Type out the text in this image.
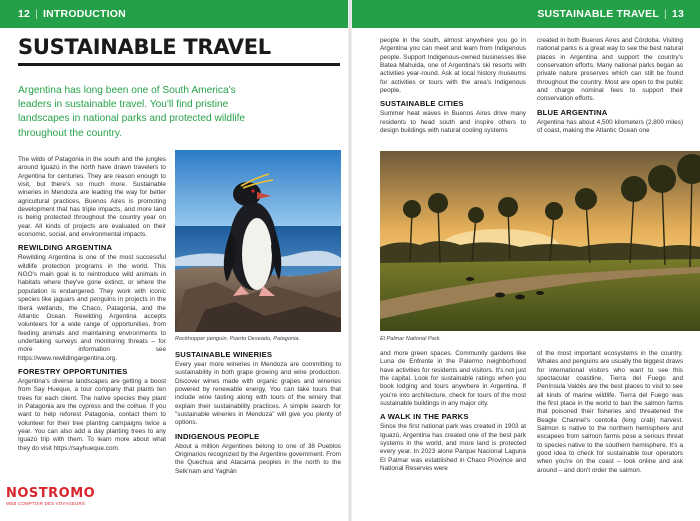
12 | INTRODUCTION	SUSTAINABLE TRAVEL | 13
SUSTAINABLE TRAVEL
Argentina has long been one of South America's leaders in sustainable travel. You'll find pristine landscapes in national parks and protected wildlife throughout the country.

The wilds of Patagonia in the south and the jungles around Iguazú in the north have drawn travelers to Argentina for centuries. They are reason enough to visit, but there's so much more. Sustainable wineries in Mendoza are leading the way for better agricultural practices, Buenos Aires is promoting development that has triple impacts, and more land is being protected throughout the country year on year. All kinds of projects are evaluated on their economic, social, and environmental impacts.

REWILDING ARGENTINA

Rewilding Argentina is one of the most successful wildlife protection programs in the world. This NGO's main goal is to reintroduce wild animals in habitats where they've gone extinct, or where the population is endangered. They work with iconic species like jaguars and penguins in projects in the Iberá wetlands, the Chaco, Patagonia, and the Atlantic Ocean. Rewilding Argentina accepts volunteers for a wide range of opportunities, from feeding animals and maintaining environments to undertaking surveys and monitoring threats – for more information see https://www.rewildingargentina.org.

FORESTRY OPPORTUNITIES

Argentina's diverse landscapes are getting a boost from Say Hueque, a tour company that plants ten trees for each client. The native species they plant in Patagonia are the cypress and the coihue. If you want to help reforest Patagonia, contact them to volunteer for their tree planting campaigns twice a year. You can also add a day planting trees to any Iguazú trip with them. To learn more about what they do visit https://sayhueque.com.

Rockhopper penguin, Puerto Deseado, Patagonia.
SUSTAINABLE WINERIES

Every year more wineries in Mendoza are committing to sustainability in both grape growing and wine production. Discover wines made with organic grapes and wineries powered by renewable energy. You can take tours that include wine tasting along with tours of the winery that explain their sustainability practices. A simple search for "sustainable wineries in Mendoza" will give you plenty of options.

INDIGENOUS PEOPLE

About a million Argentines belong to one of 38 Pueblos Originarios recognized by the Argentine government. From the Quechua and Atacama peoples in the north to the Selk'nam and Yaghán

people in the south, almost anywhere you go in Argentina you can meet and learn from Indigenous people. Support Indigenous-owned businesses like Batea Mahuida, one of Argentina's ski resorts with activities year-round. Ask at local history museums for activities or tours with the area's Indigenous people.

SUSTAINABLE CITIES

Summer heat waves in Buenos Aires drive many residents to head south and inspire others to design buildings with natural cooling systems

created in both Buenos Aires and Córdoba. Visiting national parks is a great way to see the best natural places in Argentina and support the country's conservation efforts. Many national parks began as private nature preserves which can still be found throughout the country. Most are open to the public and charge nominal fees to support their conservation efforts.

BLUE ARGENTINA

Argentina has about 4,500 kilometers (2,800 miles) of coast, making the Atlantic Ocean one

El Palmar National Park.

and more green spaces. Community gardens like Luna de Enfrente in the Palermo neighborhood have activities for residents and visitors. It's not just the capital. Look for sustainable ratings when you book lodging and tours anywhere in Argentina. If you're into architecture, check for tours of the most sustainable buildings in any major city.

A WALK IN THE PARKS

Since the first national park was created in 1903 at Iguazú, Argentina has created one of the best park systems in the world, and more land is protected every year. In 2023 alone Parque Nacional Laguna El Palmar was established in Chaco Province and National Reserves were

of the most important ecosystems in the country. Whales and penguins are usually the biggest draws for international visitors who want to see this spectacular coastline. Tierra del Fuego and Península Valdés are the best places to visit to see all kinds of marine wildlife. Tierra del Fuego was the first place in the world to ban the salmon farms that poisoned their fisheries and threatened the Beagle Channel's centolla (king crab) harvest. Salmon is native to the northern hemisphere and escapees from salmon farms pose a serious threat to species native to the southern hemisphere. It's a good idea to check for sustainable tour operators when you're on the coast – look online and ask around – and don't order the salmon.

NOSTROMO
WEB COMPTOIR DES VOYAGEURS
